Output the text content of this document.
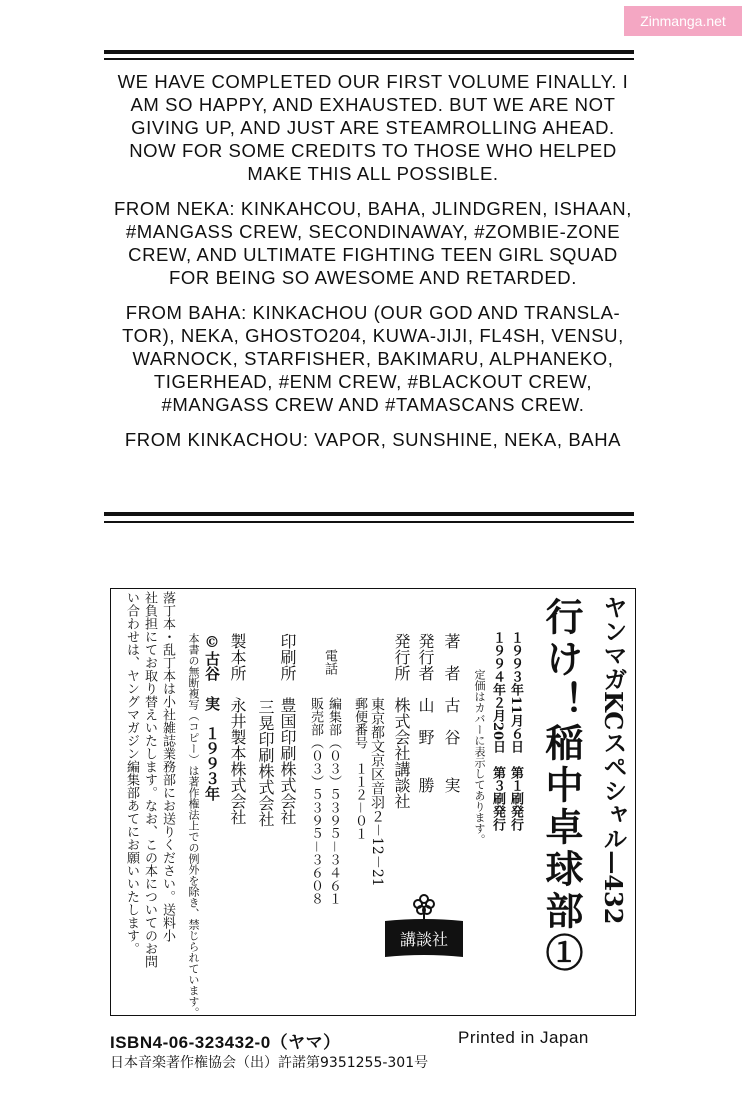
Zinmanga.net

WE HAVE COMPLETED OUR FIRST VOLUME FINALLY. I AM SO HAPPY, AND EXHAUSTED. BUT WE ARE NOT GIVING UP, AND JUST ARE STEAMROLLING AHEAD. NOW FOR SOME CREDITS TO THOSE WHO HELPED MAKE THIS ALL POSSIBLE.

FROM NEKA: KINKAHCOU, BAHA, JLINDGREN, ISHAAN, #MANGASS CREW, SECONDINAWAY, #ZOMBIE-ZONE CREW, AND ULTIMATE FIGHTING TEEN GIRL SQUAD FOR BEING SO AWESOME AND RETARDED.

FROM BAHA: KINKACHOU (OUR GOD AND TRANSLA-TOR), NEKA, GHOSTO204, KUWA-JIJI, FL4SH, VENSU, WARNOCK, STARFISHER, BAKIMARU, ALPHANEKO, TIGERHEAD, #ENM CREW, #BLACKOUT CREW, #MANGASS CREW AND #TAMASCANS CREW.

FROM KINKACHOU: VAPOR, SUNSHINE, NEKA, BAHA

ヤンマガKCスペシャル—432
行け！稲中卓球部①
１９９３年11月６日　第１刷発行
１９９４年２月20日　第３刷発行
定価はカバーに表示してあります。
著　者　古　谷　　実
発行者　山　野　　勝
発行所　株式会社講談社
東京都文京区音羽２－12－21
郵便番号　１１２－０１
編集部（０３）５３９５－３４６１
販売部（０３）５３９５－３６０８
電話
印刷所　豊国印刷株式会社
三晃印刷株式会社
製本所　永井製本株式会社
©古谷　実　１９９３年
本書の無断複写（コピー）は著作権法上での例外を除き、禁じられています。
落丁本・乱丁本は小社雑誌業務部にお送りください。送料小
社負担にてお取り替えいたします。なお、この本についてのお問
い合わせは、ヤングマガジン編集部あてにお願いいたします。	講談社
ISBN4-06-323432-0（ヤマ）	Printed in Japan
日本音楽著作権協会（出）許諾第9351255-301号
